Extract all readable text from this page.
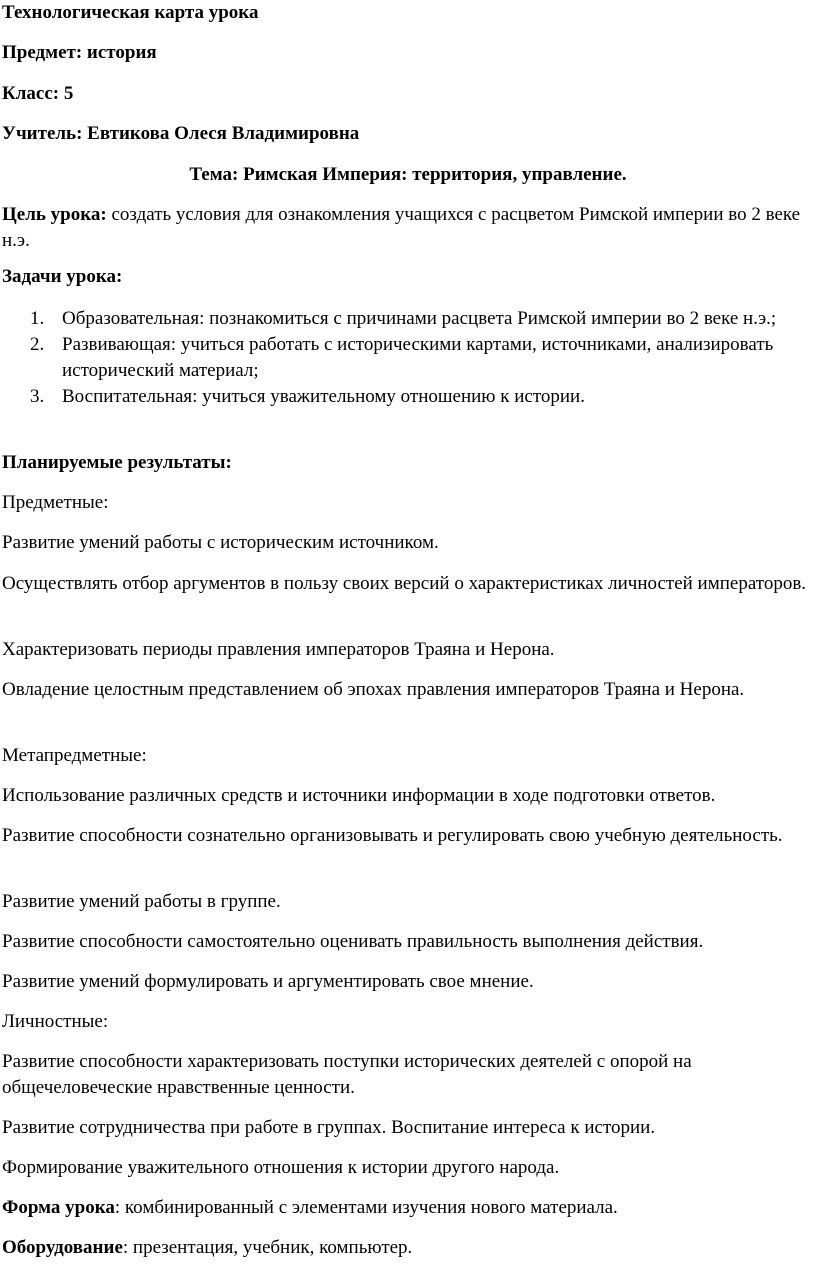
Технологическая карта урока

Предмет: история

Класс: 5

Учитель: Евтикова Олеся Владимировна

Тема: Римская Империя: территория, управление.

Цель урока: создать условия для ознакомления учащихся с расцветом Римской империи во 2 веке н.э.

Задачи урока:

1. Образовательная: познакомиться с причинами расцвета Римской империи во 2 веке н.э.;
2. Развивающая: учиться работать с историческими картами, источниками, анализировать исторический материал;
3. Воспитательная: учиться уважительному отношению к истории.

Планируемые результаты:

Предметные:

Развитие умений работы с историческим источником.

Осуществлять отбор аргументов в пользу своих версий о характеристиках личностей императоров.

Характеризовать периоды правления императоров Траяна и Нерона.

Овладение целостным представлением об эпохах правления императоров Траяна и Нерона.

Метапредметные:

Использование различных средств и источники информации в ходе подготовки ответов.

Развитие способности сознательно организовывать и регулировать свою учебную деятельность.

Развитие умений работы в группе.

Развитие способности самостоятельно оценивать правильность выполнения действия.

Развитие умений формулировать и аргументировать свое мнение.

Личностные:

Развитие способности характеризовать поступки исторических деятелей с опорой на общечеловеческие нравственные ценности.

Развитие сотрудничества при работе в группах. Воспитание интереса к истории.

Формирование уважительного отношения к истории другого народа.

Форма урока: комбинированный с элементами изучения нового материала.

Оборудование: презентация, учебник, компьютер.
